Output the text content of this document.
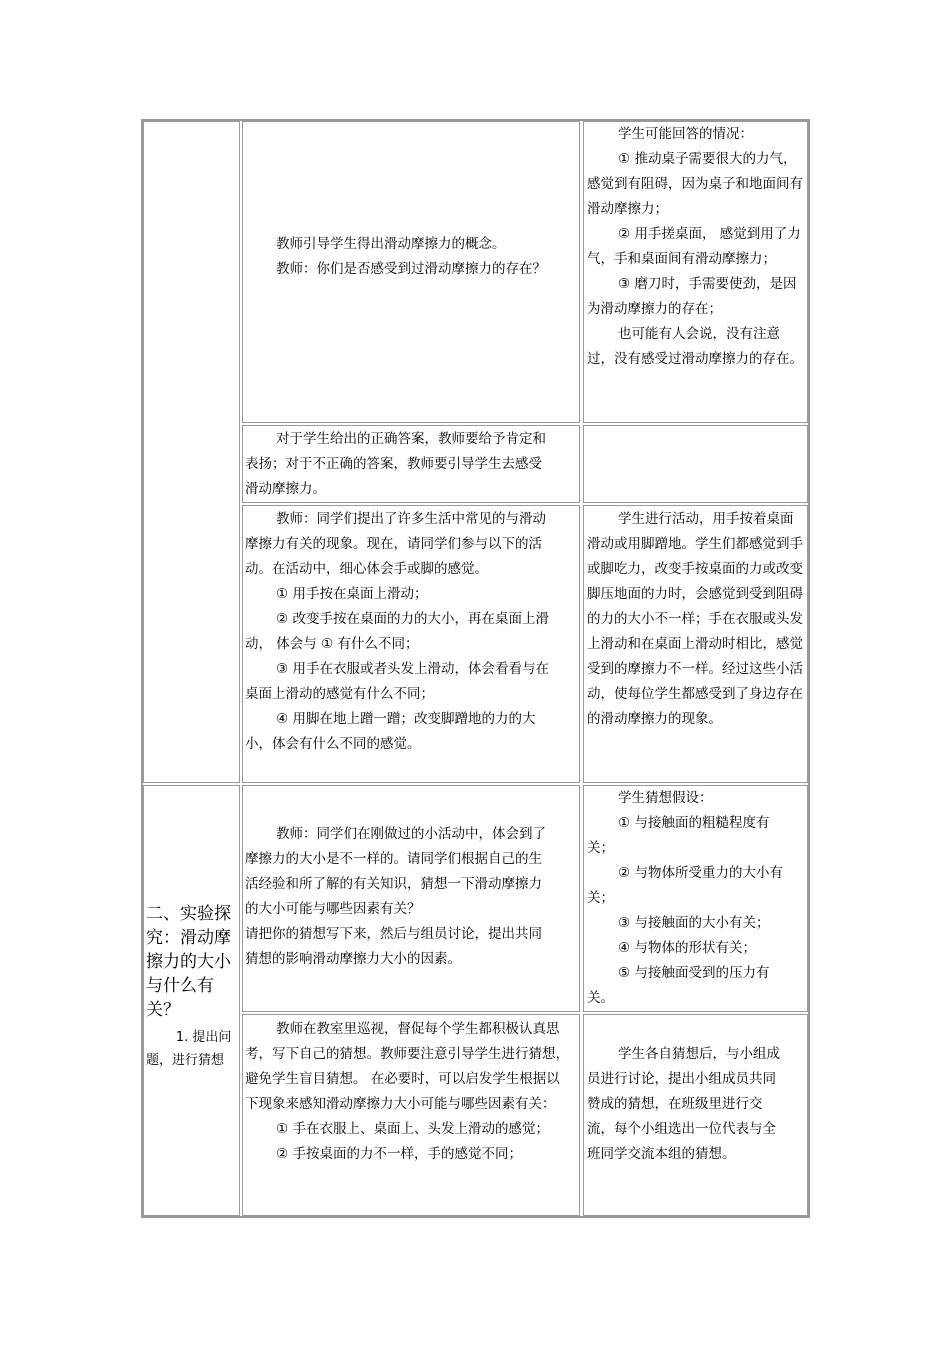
二、实验探究：滑动摩擦力的大小与什么有关？
1. 提出问题，进行猜想

教师引导学生得出滑动摩擦力的概念。

教师：你们是否感受到过滑动摩擦力的存在？

学生可能回答的情况：

① 推动桌子需要很大的力气，感觉到有阻碍，因为桌子和地面间有滑动摩擦力；

② 用手搓桌面， 感觉到用了力气，手和桌面间有滑动摩擦力；

③ 磨刀时，手需要使劲，是因为滑动摩擦力的存在；

也可能有人会说，没有注意过，没有感受过滑动摩擦力的存在。

对于学生给出的正确答案，教师要给予肯定和表扬；对于不正确的答案，教师要引导学生去感受滑动摩擦力。

教师：同学们提出了许多生活中常见的与滑动摩擦力有关的现象。现在，请同学们参与以下的活动。在活动中，细心体会手或脚的感觉。

① 用手按在桌面上滑动；

② 改变手按在桌面的力的大小，再在桌面上滑动， 体会与 ① 有什么不同；

③ 用手在衣服或者头发上滑动，体会看看与在桌面上滑动的感觉有什么不同；

④ 用脚在地上蹭一蹭；改变脚蹭地的力的大小，体会有什么不同的感觉。

学生进行活动，用手按着桌面滑动或用脚蹭地。学生们都感觉到手或脚吃力，改变手按桌面的力或改变脚压地面的力时，会感觉到受到阻碍的力的大小不一样；手在衣服或头发上滑动和在桌面上滑动时相比，感觉受到的摩擦力不一样。经过这些小活动，使每位学生都感受到了身边存在的滑动摩擦力的现象。

教师：同学们在刚做过的小活动中，体会到了摩擦力的大小是不一样的。请同学们根据自己的生活经验和所了解的有关知识，猜想一下滑动摩擦力的大小可能与哪些因素有关？

请把你的猜想写下来，然后与组员讨论，提出共同猜想的影响滑动摩擦力大小的因素。

学生猜想假设：

① 与接触面的粗糙程度有关；

② 与物体所受重力的大小有关；

③ 与接触面的大小有关；

④ 与物体的形状有关；

⑤ 与接触面受到的压力有关。

教师在教室里巡视，督促每个学生都积极认真思考，写下自己的猜想。教师要注意引导学生进行猜想， 避免学生盲目猜想。 在必要时，可以启发学生根据以下现象来感知滑动摩擦力大小可能与哪些因素有关：

① 手在衣服上、桌面上、头发上滑动的感觉；

② 手按桌面的力不一样，手的感觉不同；

学生各自猜想后，与小组成员进行讨论，提出小组成员共同赞成的猜想，在班级里进行交流，每个小组选出一位代表与全班同学交流本组的猜想。
